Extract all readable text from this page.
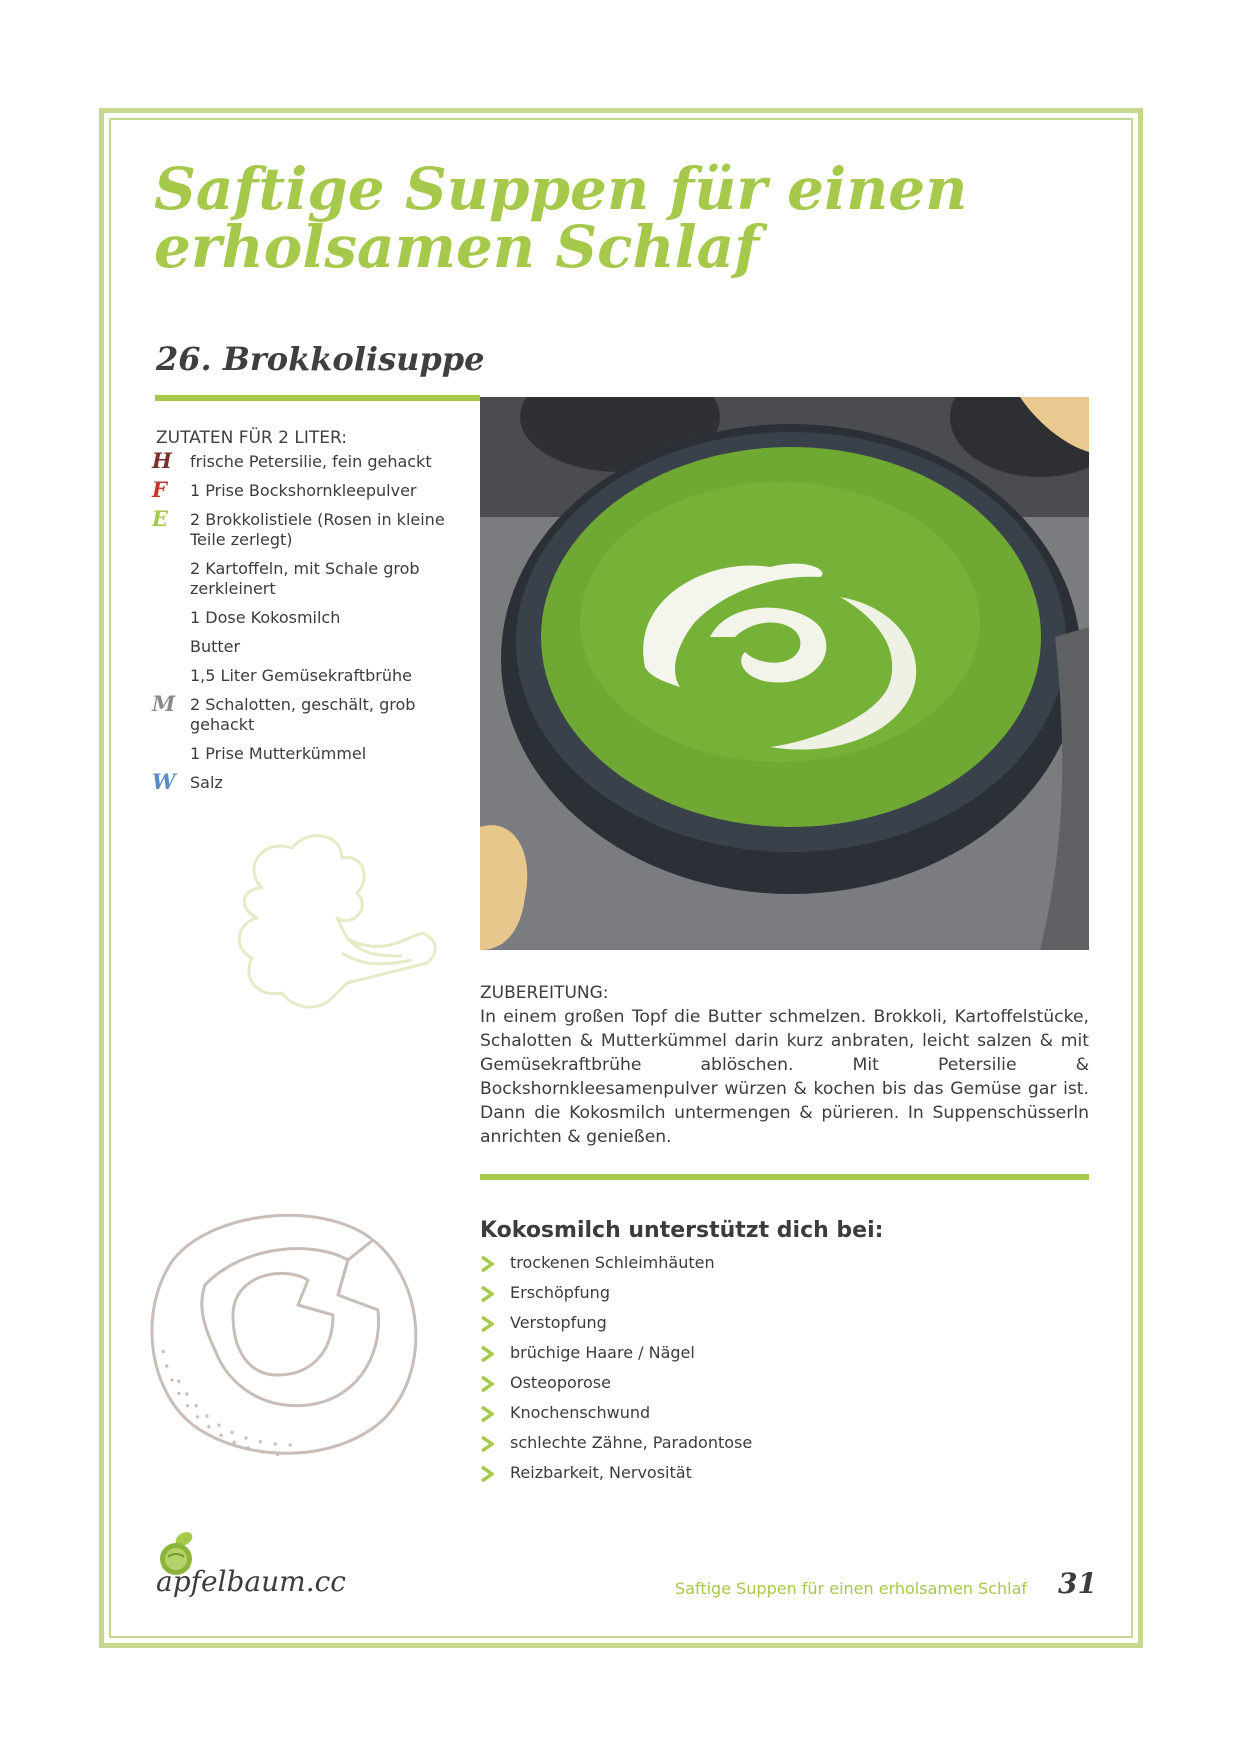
Saftige Suppen für einen
erholsamen Schlaf
26. Brokkolisuppe
ZUTATEN FÜR 2 LITER:
H	frische Petersilie, fein gehackt
F	1 Prise Bockshornkleepulver
E	2 Brokkolistiele (Rosen in kleine Teile zerlegt)
2 Kartoffeln, mit Schale grob zerkleinert
1 Dose Kokosmilch
Butter
1,5 Liter Gemüsekraftbrühe
M 2 Schalotten, geschält, grob gehackt
1 Prise Mutterkümmel
W Salz
ZUBEREITUNG:

In einem großen Topf die Butter schmelzen. Brokkoli, Kartoffelstücke, Schalotten & Mutterkümmel darin kurz anbraten, leicht salzen & mit Gemüsekraftbrühe ablöschen. Mit Petersilie & Bockshornkleesamenpulver würzen & kochen bis das Gemüse gar ist. Dann die Kokosmilch untermengen & pürieren. In Suppenschüsserln anrichten & genießen.

Kokosmilch unterstützt dich bei:
trockenen Schleimhäuten
Erschöpfung
Verstopfung
brüchige Haare / Nägel
Osteoporose
Knochenschwund
schlechte Zähne, Paradontose
Reizbarkeit, Nervosität
apfelbaum.cc	Saftige Suppen für einen erholsamen Schlaf 31
